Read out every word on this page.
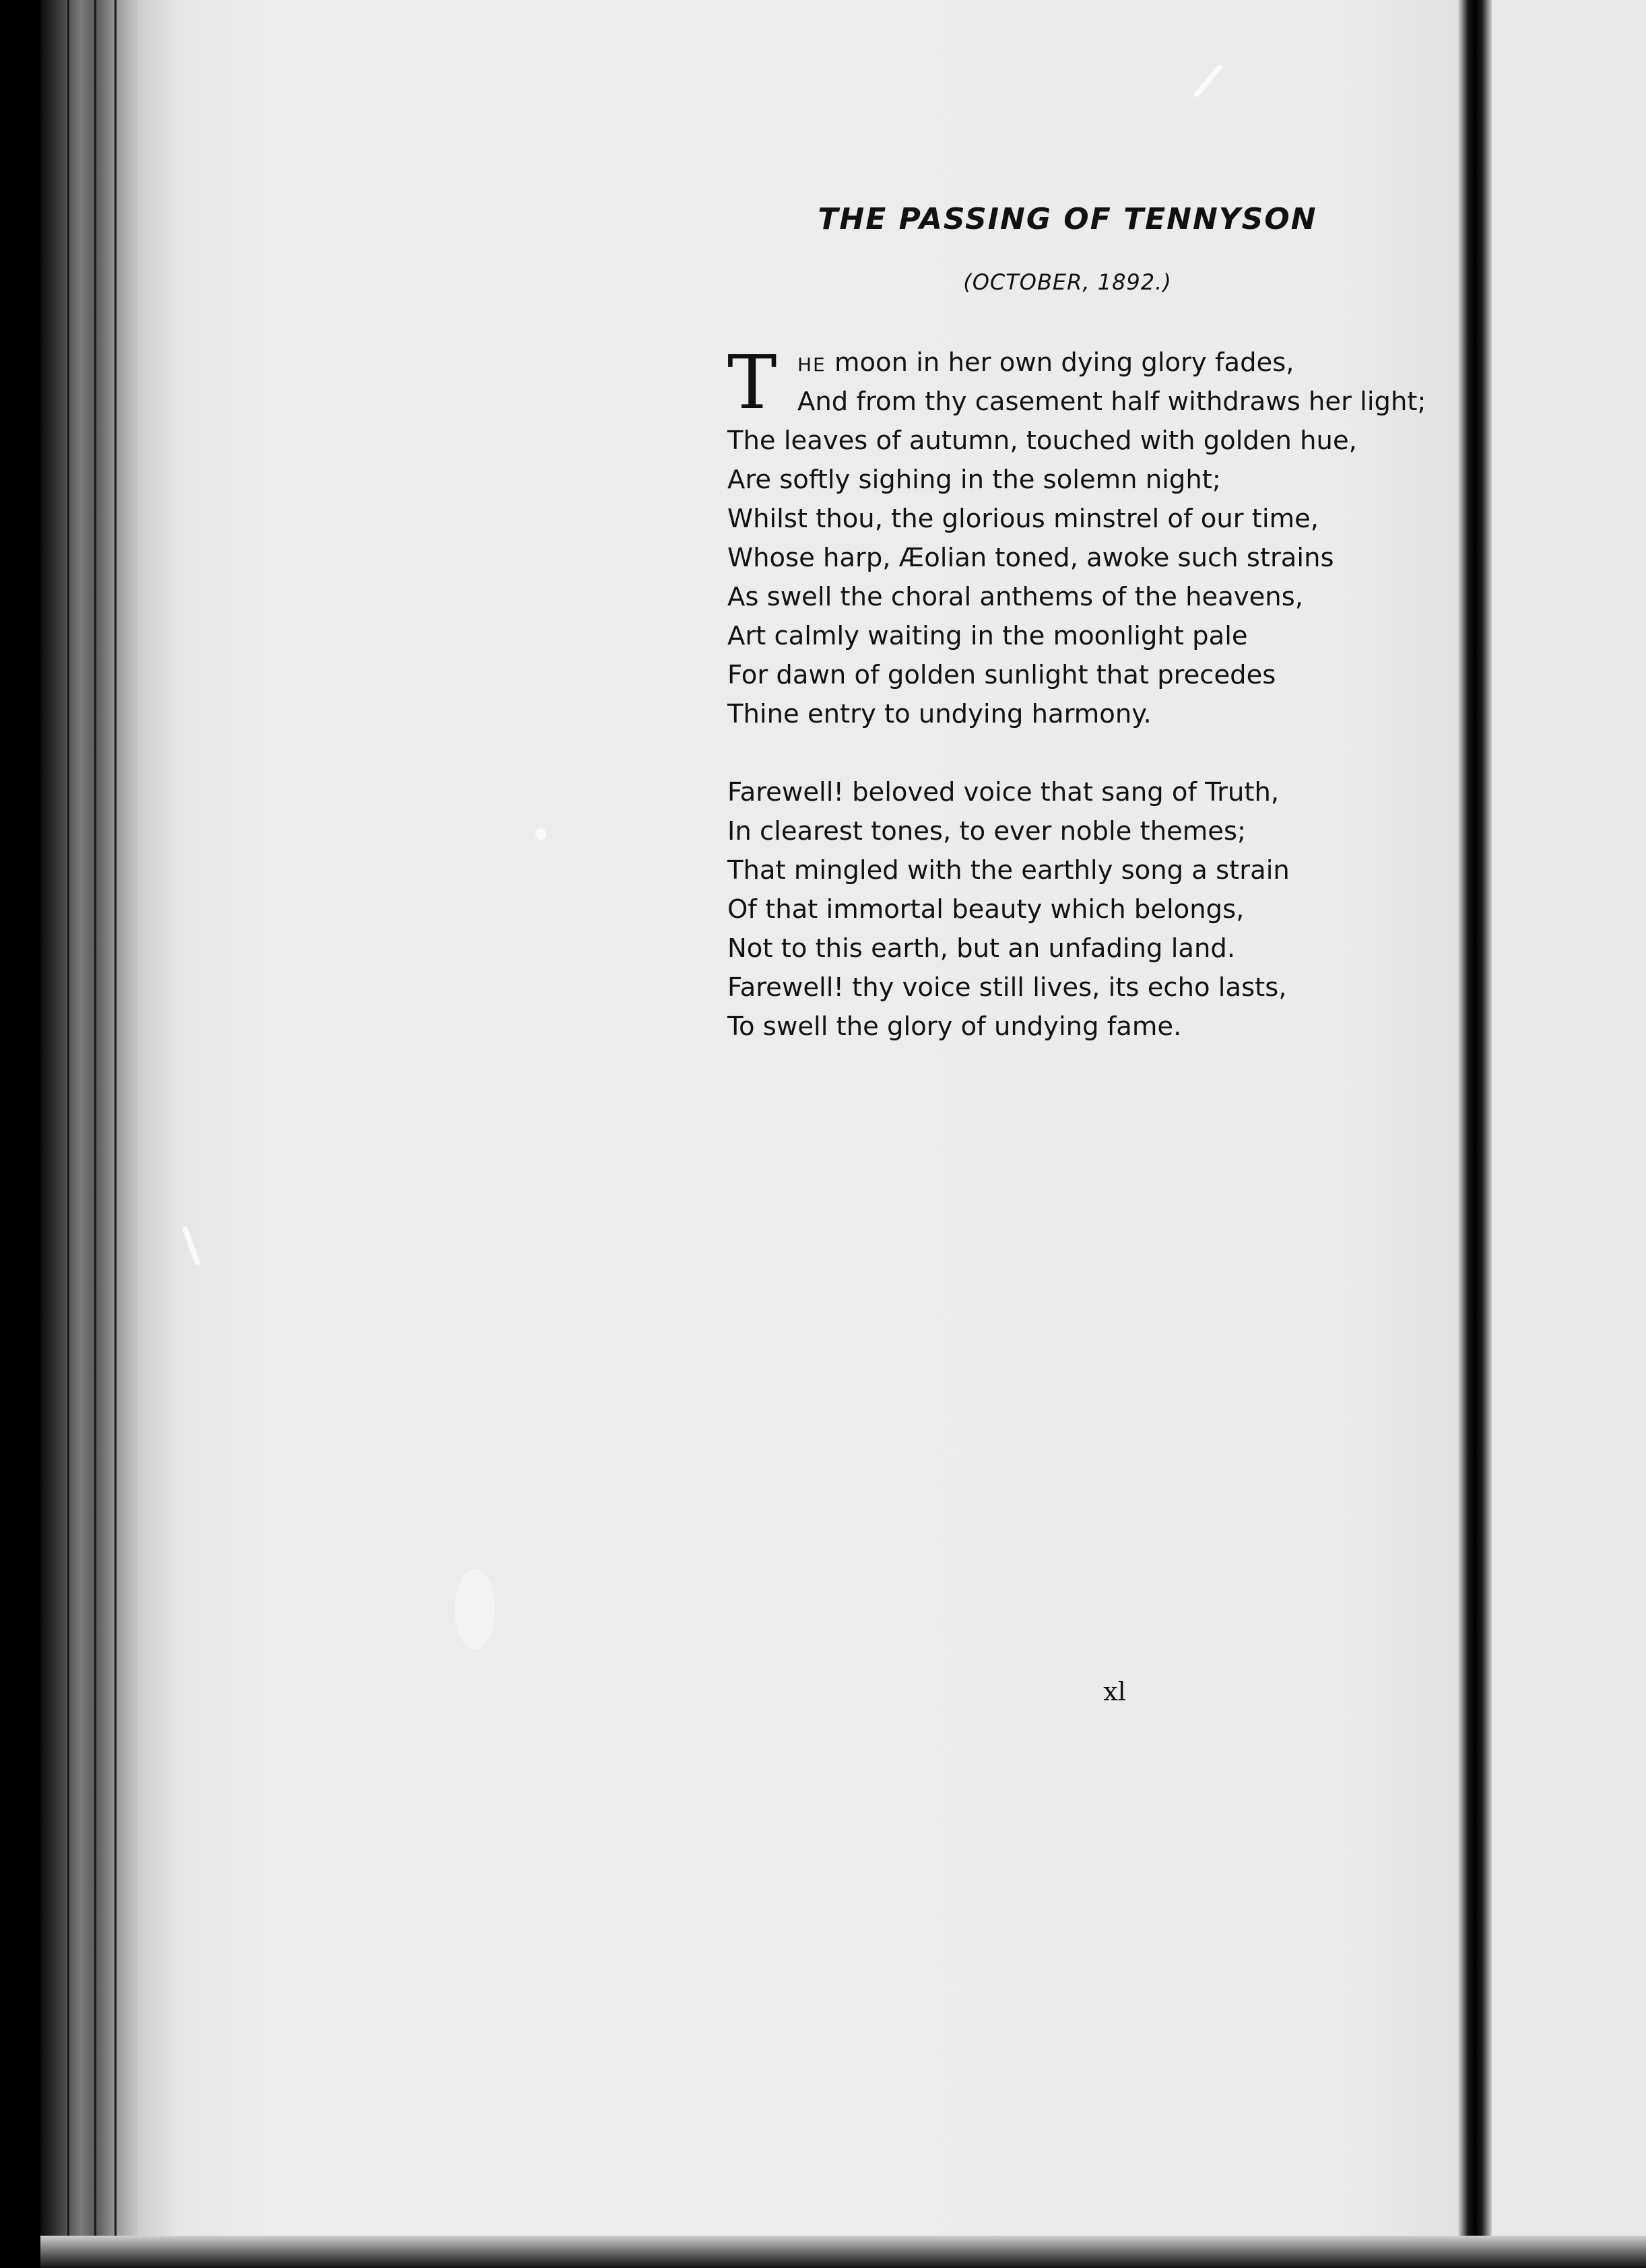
THE PASSING OF TENNYSON
(OCTOBER, 1892.)
T HE moon in her own dying glory fades,
And from thy casement half withdraws her light;
The leaves of autumn, touched with golden hue,
Are softly sighing in the solemn night;
Whilst thou, the glorious minstrel of our time,
Whose harp, Æolian toned, awoke such strains
As swell the choral anthems of the heavens,
Art calmly waiting in the moonlight pale
For dawn of golden sunlight that precedes
Thine entry to undying harmony.
Farewell! beloved voice that sang of Truth,
In clearest tones, to ever noble themes;
That mingled with the earthly song a strain
Of that immortal beauty which belongs,
Not to this earth, but an unfading land.
Farewell! thy voice still lives, its echo lasts,
To swell the glory of undying fame.
xl
